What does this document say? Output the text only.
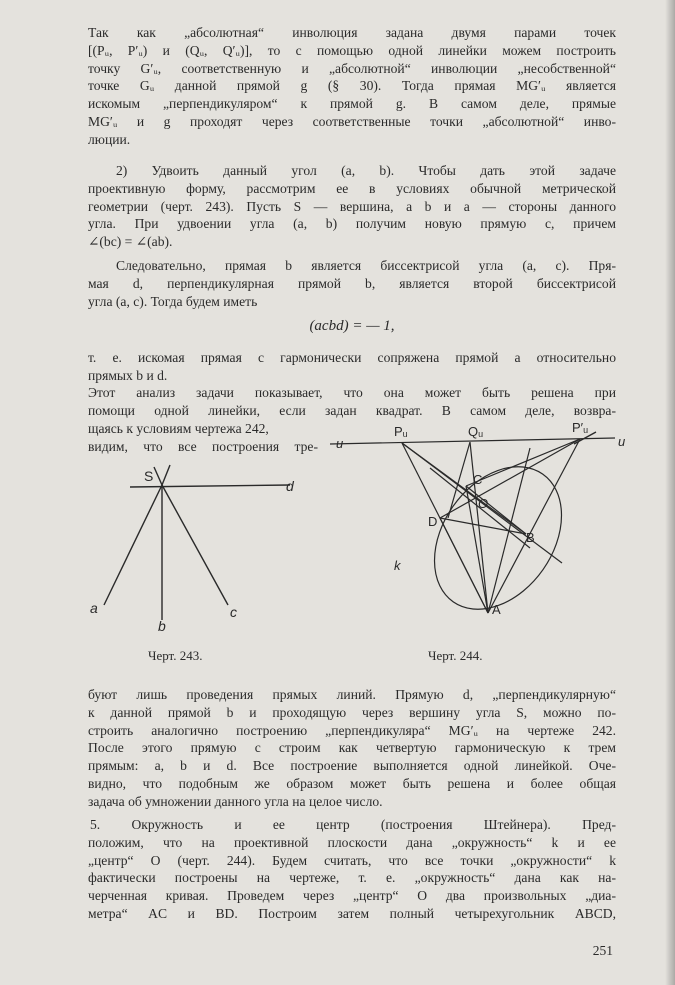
Так как „абсолютная“ инволюция задана двумя парами точек
[(Pᵤ, P′ᵤ) и (Qᵤ, Q′ᵤ)], то с помощью одной линейки можем построить
точку G′ᵤ, соответственную и „абсолютной“ инволюции „несобственной“
точке Gᵤ данной прямой g (§ 30). Тогда прямая MG′ᵤ является
искомым „перпендикуляром“ к прямой g. В самом деле, прямые
MG′ᵤ и g проходят через соответственные точки „абсолютной“ инво-
люции.
2) Удвоить данный угол (a, b). Чтобы дать этой задаче
проективную форму, рассмотрим ее в условиях обычной метрической
геометрии (черт. 243). Пусть S — вершина, а b и a — стороны данного
угла. При удвоении угла (a, b) получим новую прямую c, причем
∠(bc) = ∠(ab).
Следовательно, прямая b является биссектрисой угла (a, c). Пря-
мая d, перпендикулярная прямой b, является второй биссектрисой
угла (a, c). Тогда будем иметь
(acbd) = — 1,
т. е. искомая прямая c гармонически сопряжена прямой a относительно
прямых b и d.
Этот анализ задачи показывает, что она может быть решена при
помощи одной линейки, если задан квадрат. В самом деле, возвра-
щаясь к условиям чертежа 242,
видим, что все построения тре-
S
d
a
b
c
Черт. 243.
u	u
Pᵤ	Qᵤ	P′ᵤ
C
O
D
B
A
k
Черт. 244.
буют лишь проведения прямых линий. Прямую d, „перпендикулярную“
к данной прямой b и проходящую через вершину угла S, можно по-
строить аналогично построению „перпендикуляра“ MG′ᵤ на чертеже 242.
После этого прямую c строим как четвертую гармоническую к трем
прямым: a, b и d. Все построение выполняется одной линейкой. Оче-
видно, что подобным же образом может быть решена и более общая
задача об умножении данного угла на целое число.
5. Окружность и ее центр (построения Штейнера). Пред-
положим, что на проективной плоскости дана „окружность“ k и ее
„центр“ O (черт. 244). Будем считать, что все точки „окружности“ k
фактически построены на чертеже, т. е. „окружность“ дана как на-
черченная кривая. Проведем через „центр“ O два произвольных „диа-
метра“ AC и BD. Построим затем полный четырехугольник ABCD,
251
